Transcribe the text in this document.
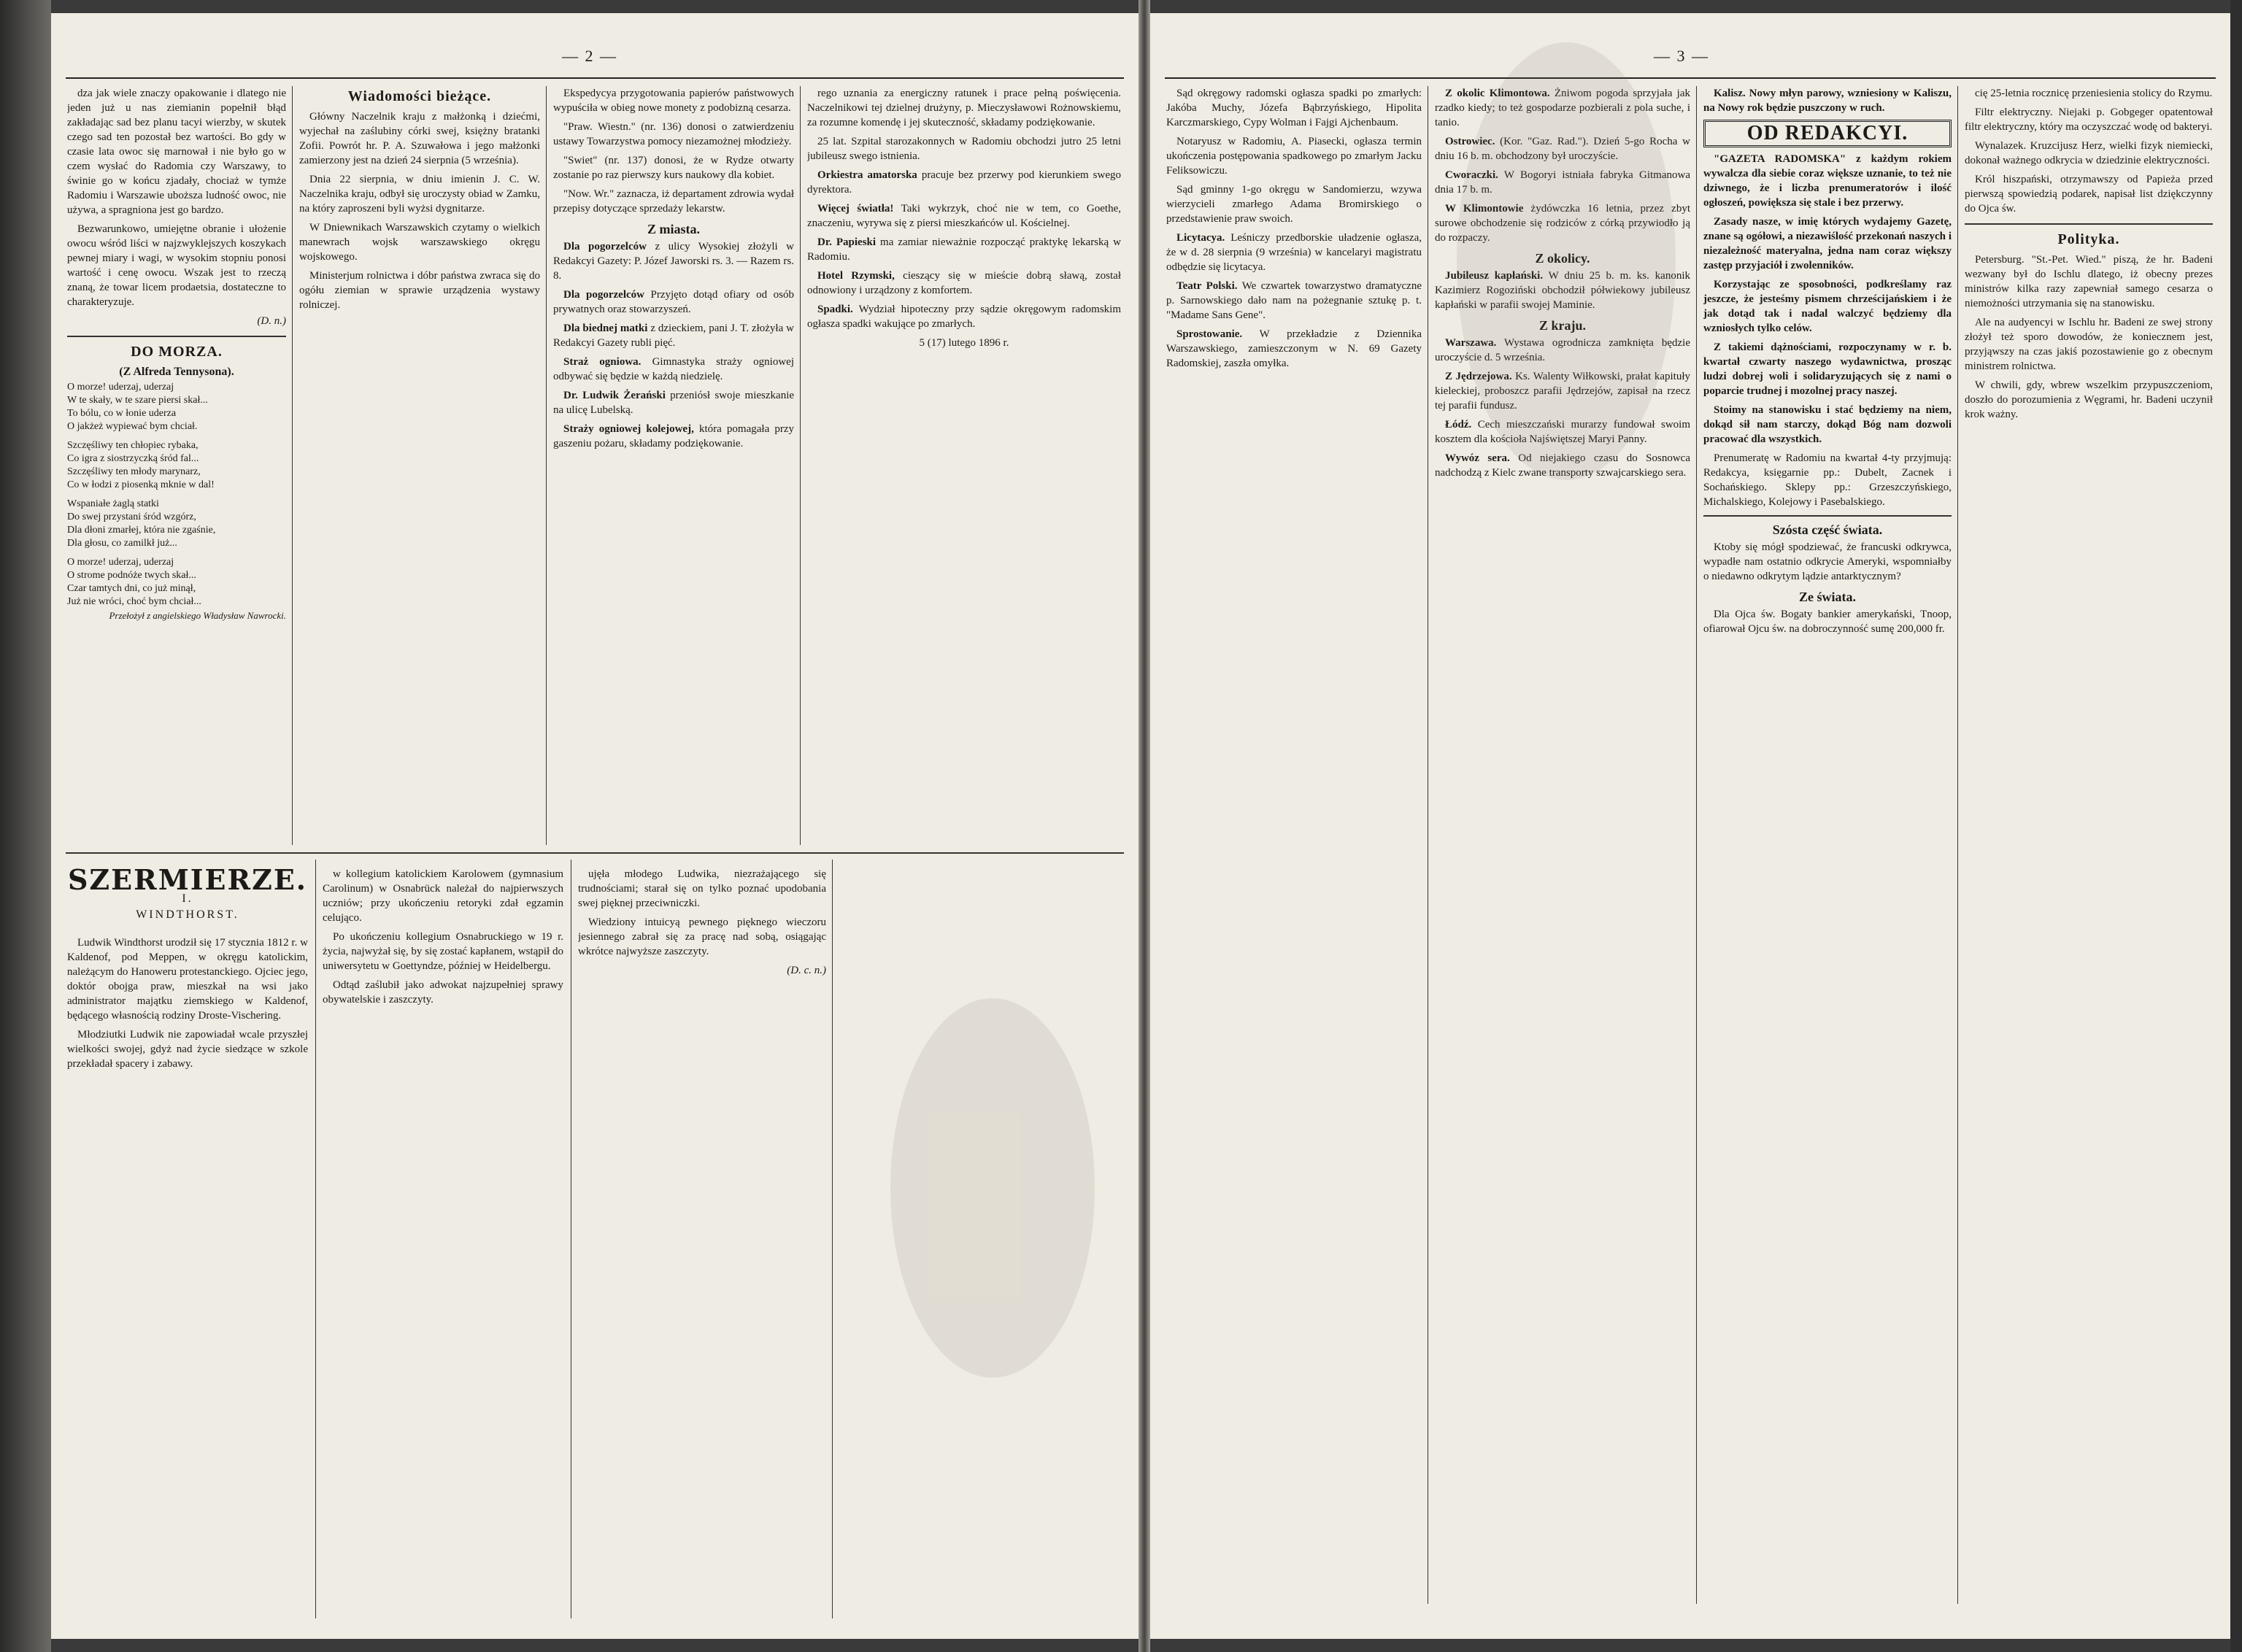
— 2 —

dza jak wiele znaczy opakowanie i dlatego nie jeden już u nas ziemianin popełnił błąd zakładając sad bez planu tacyi wierzby, w skutek czego sad ten pozostał bez wartości. Bo gdy w czasie lata owoc się marnował i nie było go w czem wysłać do Radomia czy Warszawy, to świnie go w końcu zjadały, chociaż w tymże Radomiu i Warszawie uboższa ludność owoc, nie używa, a spragniona jest go bardzo.

Bezwarunkowo, umiejętne obranie i ułożenie owocu wśród liści w najzwyklejszych koszykach pewnej miary i wagi, w wysokim stopniu ponosi wartość i cenę owocu. Wszak jest to rzeczą znaną, że towar licem prodaetsia, dostateczne to charakteryzuje.

(D. n.)
DO MORZA.
(Z Alfreda Tennysona).
O morze! uderzaj, uderzaj
W te skały, w te szare piersi skał...
To bólu, co w łonie uderza
O jakżeż wypiewać bym chciał.
Szczęśliwy ten chłopiec rybaka,
Co igra z siostrzyczką śród fal...
Szczęśliwy ten młody marynarz,
Co w łodzi z piosenką mknie w dal!
Wspaniałe żaglą statki
Do swej przystani śród wzgórz,
Dla dłoni zmarłej, która nie zgaśnie,
Dla głosu, co zamilkł już...
O morze! uderzaj, uderzaj
O strome podnóże twych skał...
Czar tamtych dni, co już minął,
Już nie wróci, choć bym chciał...
Przełożył z angielskiego Władysław Nawrocki.
Wiadomości bieżące.

Główny Naczelnik kraju z małżonką i dziećmi, wyjechał na zaślubiny córki swej, księżny bratanki Zofii. Powrót hr. P. A. Szuwałowa i jego małżonki zamierzony jest na dzień 24 sierpnia (5 września).

Dnia 22 sierpnia, w dniu imienin J. C. W. Naczelnika kraju, odbył się uroczysty obiad w Zamku, na który zaproszeni byli wyżsi dygnitarze.

W Dniewnikach Warszawskich czytamy o wielkich manewrach wojsk warszawskiego okręgu wojskowego.

Ministerjum rolnictwa i dóbr państwa zwraca się do ogółu ziemian w sprawie urządzenia wystawy rolniczej.

Ekspedycya przygotowania papierów państwowych wypuściła w obieg nowe monety z podobizną cesarza.

"Praw. Wiestn." (nr. 136) donosi o zatwierdzeniu ustawy Towarzystwa pomocy niezamożnej młodzieży.

"Swiet" (nr. 137) donosi, że w Rydze otwarty zostanie po raz pierwszy kurs naukowy dla kobiet.

"Now. Wr." zaznacza, iż departament zdrowia wydał przepisy dotyczące sprzedaży lekarstw.

Z miasta.

Dla pogorzelców z ulicy Wysokiej złożyli w Redakcyi Gazety: P. Józef Jaworski rs. 3. — Razem rs. 8.

Dla pogorzelców Przyjęto dotąd ofiary od osób prywatnych oraz stowarzyszeń.

Dla biednej matki z dzieckiem, pani J. T. złożyła w Redakcyi Gazety rubli pięć.

Straż ogniowa. Gimnastyka straży ogniowej odbywać się będzie w każdą niedzielę.

Dr. Ludwik Żerański przeniósł swoje mieszkanie na ulicę Lubelską.

Straży ogniowej kolejowej, która pomagała przy gaszeniu pożaru, składamy podziękowanie.

rego uznania za energiczny ratunek i prace pełną poświęcenia. Naczelnikowi tej dzielnej drużyny, p. Mieczysławowi Rożnowskiemu, za rozumne komendę i jej skuteczność, składamy podziękowanie.

25 lat. Szpital starozakonnych w Radomiu obchodzi jutro 25 letni jubileusz swego istnienia.

Orkiestra amatorska pracuje bez przerwy pod kierunkiem swego dyrektora.

Więcej światła! Taki wykrzyk, choć nie w tem, co Goethe, znaczeniu, wyrywa się z piersi mieszkańców ul. Kościelnej.

Dr. Papieski ma zamiar nieważnie rozpocząć praktykę lekarską w Radomiu.

Hotel Rzymski, cieszący się w mieście dobrą sławą, został odnowiony i urządzony z komfortem.

Spadki. Wydział hipoteczny przy sądzie okręgowym radomskim ogłasza spadki wakujące po zmarłych.

5 (17) lutego 1896 r.
SZERMIERZE.
I.
WINDTHORST.

Ludwik Windthorst urodził się 17 stycznia 1812 r. w Kaldenof, pod Meppen, w okręgu katolickim, należącym do Hanoweru protestanckiego. Ojciec jego, doktór obojga praw, mieszkał na wsi jako administrator majątku ziemskiego w Kaldenof, będącego własnością rodziny Droste-Vischering.

Młodziutki Ludwik nie zapowiadał wcale przyszłej wielkości swojej, gdyż nad życie siedzące w szkole przekładał spacery i zabawy.

w kollegium katolickiem Karolowem (gymnasium Carolinum) w Osnabrück należał do najpierwszych uczniów; przy ukończeniu retoryki zdał egzamin celująco.

Po ukończeniu kollegium Osnabruckiego w 19 r. życia, najwyżał się, by się zostać kapłanem, wstąpił do uniwersytetu w Goettyndze, później w Heidelbergu.

Odtąd zaślubił jako adwokat najzupełniej sprawy obywatelskie i zaszczyty.

ujęła młodego Ludwika, niezrażającego się trudnościami; starał się on tylko poznać upodobania swej pięknej przeciwniczki.

Wiedziony intuicyą pewnego pięknego wieczoru jesiennego zabrał się za pracę nad sobą, osiągając wkrótce najwyższe zaszczyty.

(D. c. n.)
— 3 —

Sąd okręgowy radomski ogłasza spadki po zmarłych: Jakóba Muchy, Józefa Bąbrzyńskiego, Hipolita Karczmarskiego, Cypy Wolman i Fajgi Ajchenbaum.

Notaryusz w Radomiu, A. Piasecki, ogłasza termin ukończenia postępowania spadkowego po zmarłym Jacku Feliksowiczu.

Sąd gminny 1-go okręgu w Sandomierzu, wzywa wierzycieli zmarłego Adama Bromirskiego o przedstawienie praw swoich.

Licytacya. Leśniczy przedborskie uładzenie ogłasza, że w d. 28 sierpnia (9 września) w kancelaryi magistratu odbędzie się licytacya.

Teatr Polski. We czwartek towarzystwo dramatyczne p. Sarnowskiego dało nam na pożegnanie sztukę p. t. "Madame Sans Gene".

Sprostowanie. W przekładzie z Dziennika Warszawskiego, zamieszczonym w N. 69 Gazety Radomskiej, zaszła omyłka.

Z okolic Klimontowa. Żniwom pogoda sprzyjała jak rzadko kiedy; to też gospodarze pozbierali z pola suche, i tanio.

Ostrowiec. (Kor. "Gaz. Rad."). Dzień 5-go Rocha w dniu 16 b. m. obchodzony był uroczyście.

Cworaczki. W Bogoryi istniała fabryka Gitmanowa dnia 17 b. m.

W Klimontowie żydówczka 16 letnia, przez zbyt surowe obchodzenie się rodziców z córką przywiodło ją do rozpaczy.

Z okolicy.

Jubileusz kapłański. W dniu 25 b. m. ks. kanonik Kazimierz Rogoziński obchodził półwiekowy jubileusz kapłański w parafii swojej Maminie.

Z kraju.

Warszawa. Wystawa ogrodnicza zamknięta będzie uroczyście d. 5 września.

Z Jędrzejowa. Ks. Walenty Wiłkowski, prałat kapituły kieleckiej, proboszcz parafii Jędrzejów, zapisał na rzecz tej parafii fundusz.

Łódź. Cech mieszczański murarzy fundował swoim kosztem dla kościoła Najświętszej Maryi Panny.

Wywóz sera. Od niejakiego czasu do Sosnowca nadchodzą z Kielc zwane transporty szwajcarskiego sera.

Kalisz. Nowy młyn parowy, wzniesiony w Kaliszu, na Nowy rok będzie puszczony w ruch.

OD REDAKCYI.

"GAZETA RADOMSKA" z każdym rokiem wywalcza dla siebie coraz większe uznanie, to też nie dziwnego, że i liczba prenumeratorów i ilość ogłoszeń, powiększa się stale i bez przerwy.

Zasady nasze, w imię których wydajemy Gazetę, znane są ogółowi, a niezawiślość przekonań naszych i niezależność materyalna, jedna nam coraz większy zastęp przyjaciół i zwolenników.

Korzystając ze sposobności, podkreślamy raz jeszcze, że jesteśmy pismem chrześcijańskiem i że jak dotąd tak i nadal walczyć będziemy dla wzniosłych tylko celów.

Z takiemi dążnościami, rozpoczynamy w r. b. kwartał czwarty naszego wydawnictwa, prosząc ludzi dobrej woli i solidaryzujących się z nami o poparcie trudnej i mozolnej pracy naszej.

Stoimy na stanowisku i stać będziemy na niem, dokąd sił nam starczy, dokąd Bóg nam dozwoli pracować dla wszystkich.

Prenumeratę w Radomiu na kwartał 4-ty przyjmują: Redakcya, księgarnie pp.: Dubelt, Zacnek i Sochańskiego. Sklepy pp.: Grzeszczyńskiego, Michalskiego, Kolejowy i Pasebalskiego.

Szósta część świata.

Ktoby się mógł spodziewać, że francuski odkrywca, wypadłe nam ostatnio odkrycie Ameryki, wspomniałby o niedawno odkrytym lądzie antarktycznym?

Ze świata.

Dla Ojca św. Bogaty bankier amerykański, Tnoop, ofiarował Ojcu św. na dobroczynność sumę 200,000 fr.

cię 25-letnia rocznicę przeniesienia stolicy do Rzymu.

Filtr elektryczny. Niejaki p. Gobgeger opatentował filtr elektryczny, który ma oczyszczać wodę od bakteryi.

Wynalazek. Kruzcijusz Herz, wielki fizyk niemiecki, dokonał ważnego odkrycia w dziedzinie elektryczności.

Król hiszpański, otrzymawszy od Papieża przed pierwszą spowiedzią podarek, napisał list dziękczynny do Ojca św.

Polityka.

Petersburg. "St.-Pet. Wied." piszą, że hr. Badeni wezwany był do Ischlu dlatego, iż obecny prezes ministrów kilka razy zapewniał samego cesarza o niemożności utrzymania się na stanowisku.

Ale na audyencyi w Ischlu hr. Badeni ze swej strony złożył też sporo dowodów, że koniecznem jest, przyjąwszy na czas jakiś pozostawienie go z obecnym ministrem rolnictwa.

W chwili, gdy, wbrew wszelkim przypuszczeniom, doszło do porozumienia z Węgrami, hr. Badeni uczynił krok ważny.
